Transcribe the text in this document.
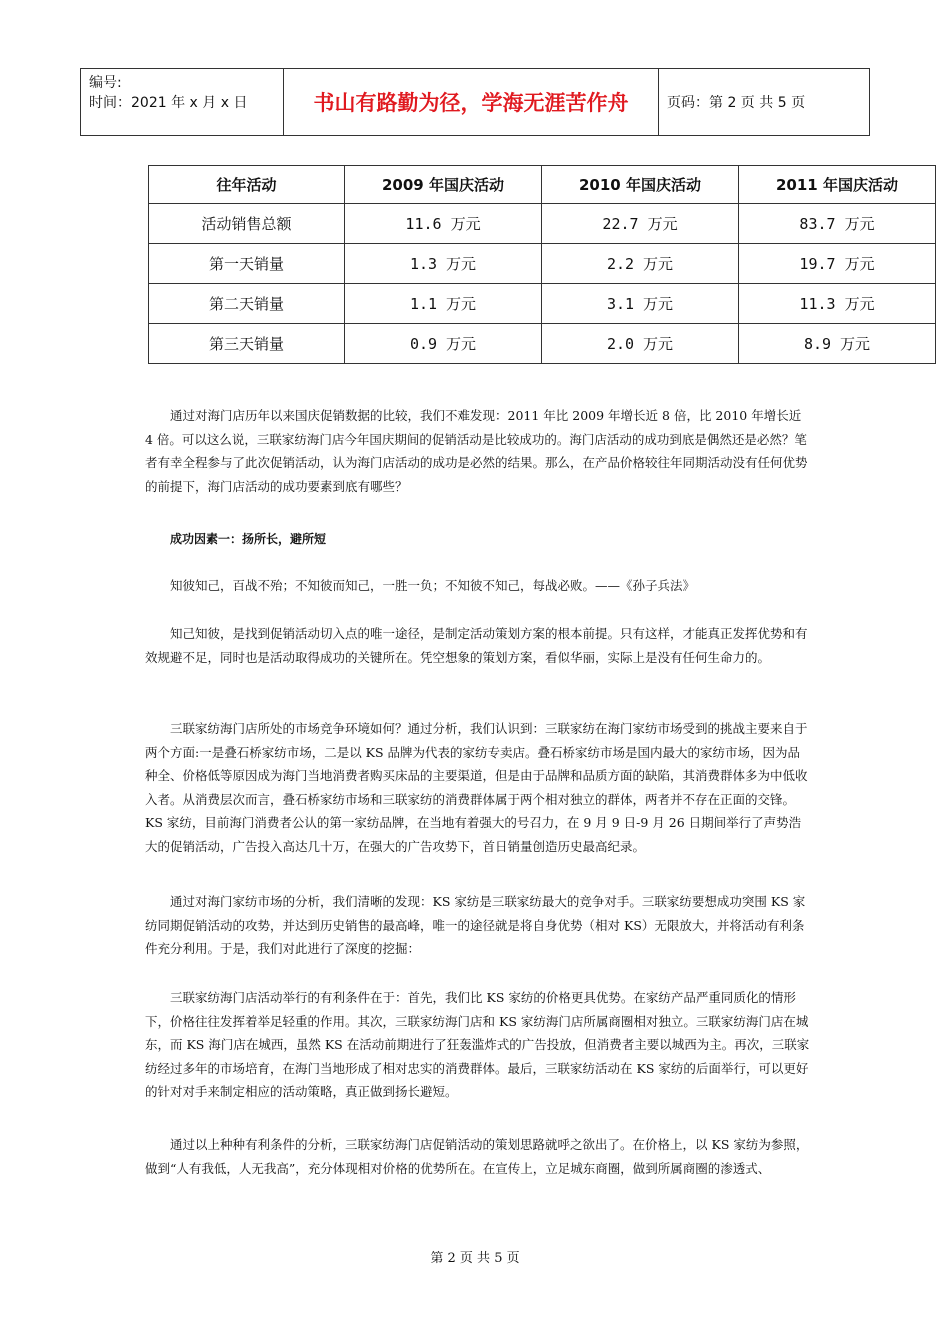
编号:
时间：2021 年 x 月 x 日	书山有路勤为径，学海无涯苦作舟	页码：第 2 页 共 5 页
往年活动	2009 年国庆活动	2010 年国庆活动	2011 年国庆活动
活动销售总额	11.6 万元	22.7 万元	83.7 万元
第一天销量	1.3 万元	2.2 万元	19.7 万元
第二天销量	1.1 万元	3.1 万元	11.3 万元
第三天销量	0.9 万元	2.0 万元	8.9 万元

通过对海门店历年以来国庆促销数据的比较，我们不难发现：2011 年比 2009 年增长近 8 倍，比 2010 年增长近 4 倍。可以这么说，三联家纺海门店今年国庆期间的促销活动是比较成功的。海门店活动的成功到底是偶然还是必然？笔者有幸全程参与了此次促销活动，认为海门店活动的成功是必然的结果。那么，在产品价格较往年同期活动没有任何优势的前提下，海门店活动的成功要素到底有哪些？

成功因素一：扬所长，避所短

知彼知己，百战不殆；不知彼而知己，一胜一负；不知彼不知己，每战必败。——《孙子兵法》

知己知彼，是找到促销活动切入点的唯一途径，是制定活动策划方案的根本前提。只有这样，才能真正发挥优势和有效规避不足，同时也是活动取得成功的关键所在。凭空想象的策划方案，看似华丽，实际上是没有任何生命力的。

三联家纺海门店所处的市场竞争环境如何？通过分析，我们认识到：三联家纺在海门家纺市场受到的挑战主要来自于两个方面:一是叠石桥家纺市场，二是以 KS 品牌为代表的家纺专卖店。叠石桥家纺市场是国内最大的家纺市场，因为品种全、价格低等原因成为海门当地消费者购买床品的主要渠道，但是由于品牌和品质方面的缺陷，其消费群体多为中低收入者。从消费层次而言，叠石桥家纺市场和三联家纺的消费群体属于两个相对独立的群体，两者并不存在正面的交锋。KS 家纺，目前海门消费者公认的第一家纺品牌，在当地有着强大的号召力，在 9 月 9 日-9 月 26 日期间举行了声势浩大的促销活动，广告投入高达几十万，在强大的广告攻势下，首日销量创造历史最高纪录。

通过对海门家纺市场的分析，我们清晰的发现：KS 家纺是三联家纺最大的竞争对手。三联家纺要想成功突围 KS 家纺同期促销活动的攻势，并达到历史销售的最高峰，唯一的途径就是将自身优势（相对 KS）无限放大，并将活动有利条件充分利用。于是，我们对此进行了深度的挖掘：

三联家纺海门店活动举行的有利条件在于：首先，我们比 KS 家纺的价格更具优势。在家纺产品严重同质化的情形下，价格往往发挥着举足轻重的作用。其次，三联家纺海门店和 KS 家纺海门店所属商圈相对独立。三联家纺海门店在城东，而 KS 海门店在城西，虽然 KS 在活动前期进行了狂轰滥炸式的广告投放，但消费者主要以城西为主。再次，三联家纺经过多年的市场培育，在海门当地形成了相对忠实的消费群体。最后，三联家纺活动在 KS 家纺的后面举行，可以更好的针对对手来制定相应的活动策略，真正做到扬长避短。

通过以上种种有利条件的分析，三联家纺海门店促销活动的策划思路就呼之欲出了。在价格上，以 KS 家纺为参照，做到“人有我低，人无我高”，充分体现相对价格的优势所在。在宣传上，立足城东商圈，做到所属商圈的渗透式、

第 2 页 共 5 页
